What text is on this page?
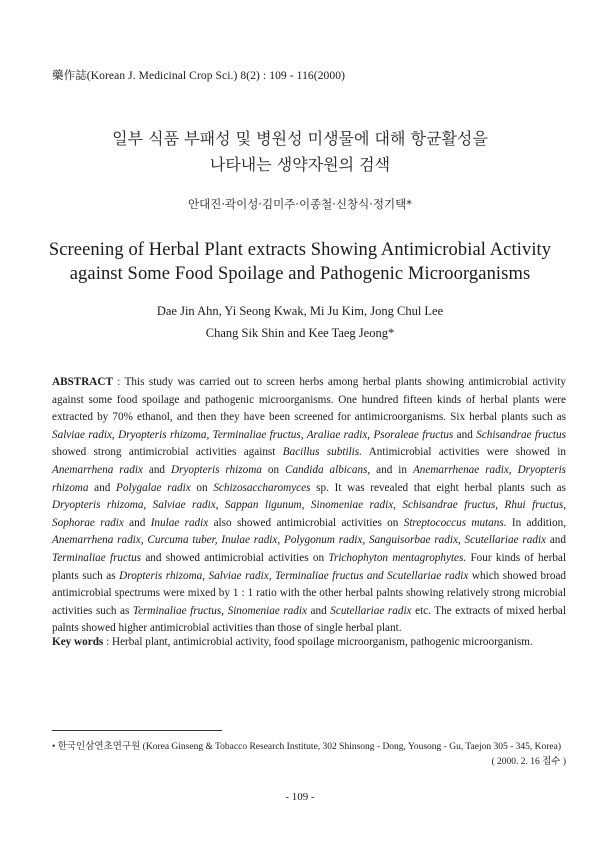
藥作誌(Korean J. Medicinal Crop Sci.) 8(2) : 109 - 116(2000)
일부 식품 부패성 및 병원성 미생물에 대해 항균활성을
나타내는 생약자원의 검색
안대진·곽이성·김미주·이종철·신창식·정기택*
Screening of Herbal Plant extracts Showing Antimicrobial Activity
against Some Food Spoilage and Pathogenic Microorganisms
Dae Jin Ahn, Yi Seong Kwak, Mi Ju Kim, Jong Chul Lee
Chang Sik Shin and Kee Taeg Jeong*
ABSTRACT : This study was carried out to screen herbs among herbal plants showing antimicrobial activity against some food spoilage and pathogenic microorganisms. One hundred fifteen kinds of herbal plants were extracted by 70% ethanol, and then they have been screened for antimicroorganisms. Six herbal plants such as Salviae radix, Dryopteris rhizoma, Terminaliae fructus, Araliae radix, Psoraleae fructus and Schisandrae fructus showed strong antimicrobial activities against Bacillus subtilis. Antimicrobial activities were showed in Anemarrhena radix and Dryopteris rhizoma on Candida albicans, and in Anemarrhenae radix, Dryopteris rhizoma and Polygalae radix on Schizosaccharomyces sp. It was revealed that eight herbal plants such as Dryopteris rhizoma, Salviae radix, Sappan ligunum, Sinomeniae radix, Schisandrae fructus, Rhui fructus, Sophorae radix and Inulae radix also showed antimicrobial activities on Streptococcus mutans. In addition, Anemarrhena radix, Curcuma tuber, Inulae radix, Polygonum radix, Sanguisorbae radix, Scutellariae radix and Terminaliae fructus and showed antimicrobial activities on Trichophyton mentagrophytes. Four kinds of herbal plants such as Dropteris rhizoma, Salviae radix, Terminaliae fructus and Scutellariae radix which showed broad antimicrobial spectrums were mixed by 1 : 1 ratio with the other herbal palnts showing relatively strong microbial activities such as Terminaliae fructus, Sinomeniae radix and Scutellariae radix etc. The extracts of mixed herbal palnts showed higher antimicrobial activities than those of single herbal plant.
Key words : Herbal plant, antimicrobial activity, food spoilage microorganism, pathogenic microorganism.
• 한국인삼연초연구원 (Korea Ginseng & Tobacco Research Institute, 302 Shinsong - Dong, Yousong - Gu, Taejon 305 - 345, Korea)
( 2000. 2. 16 접수 )
- 109 -
